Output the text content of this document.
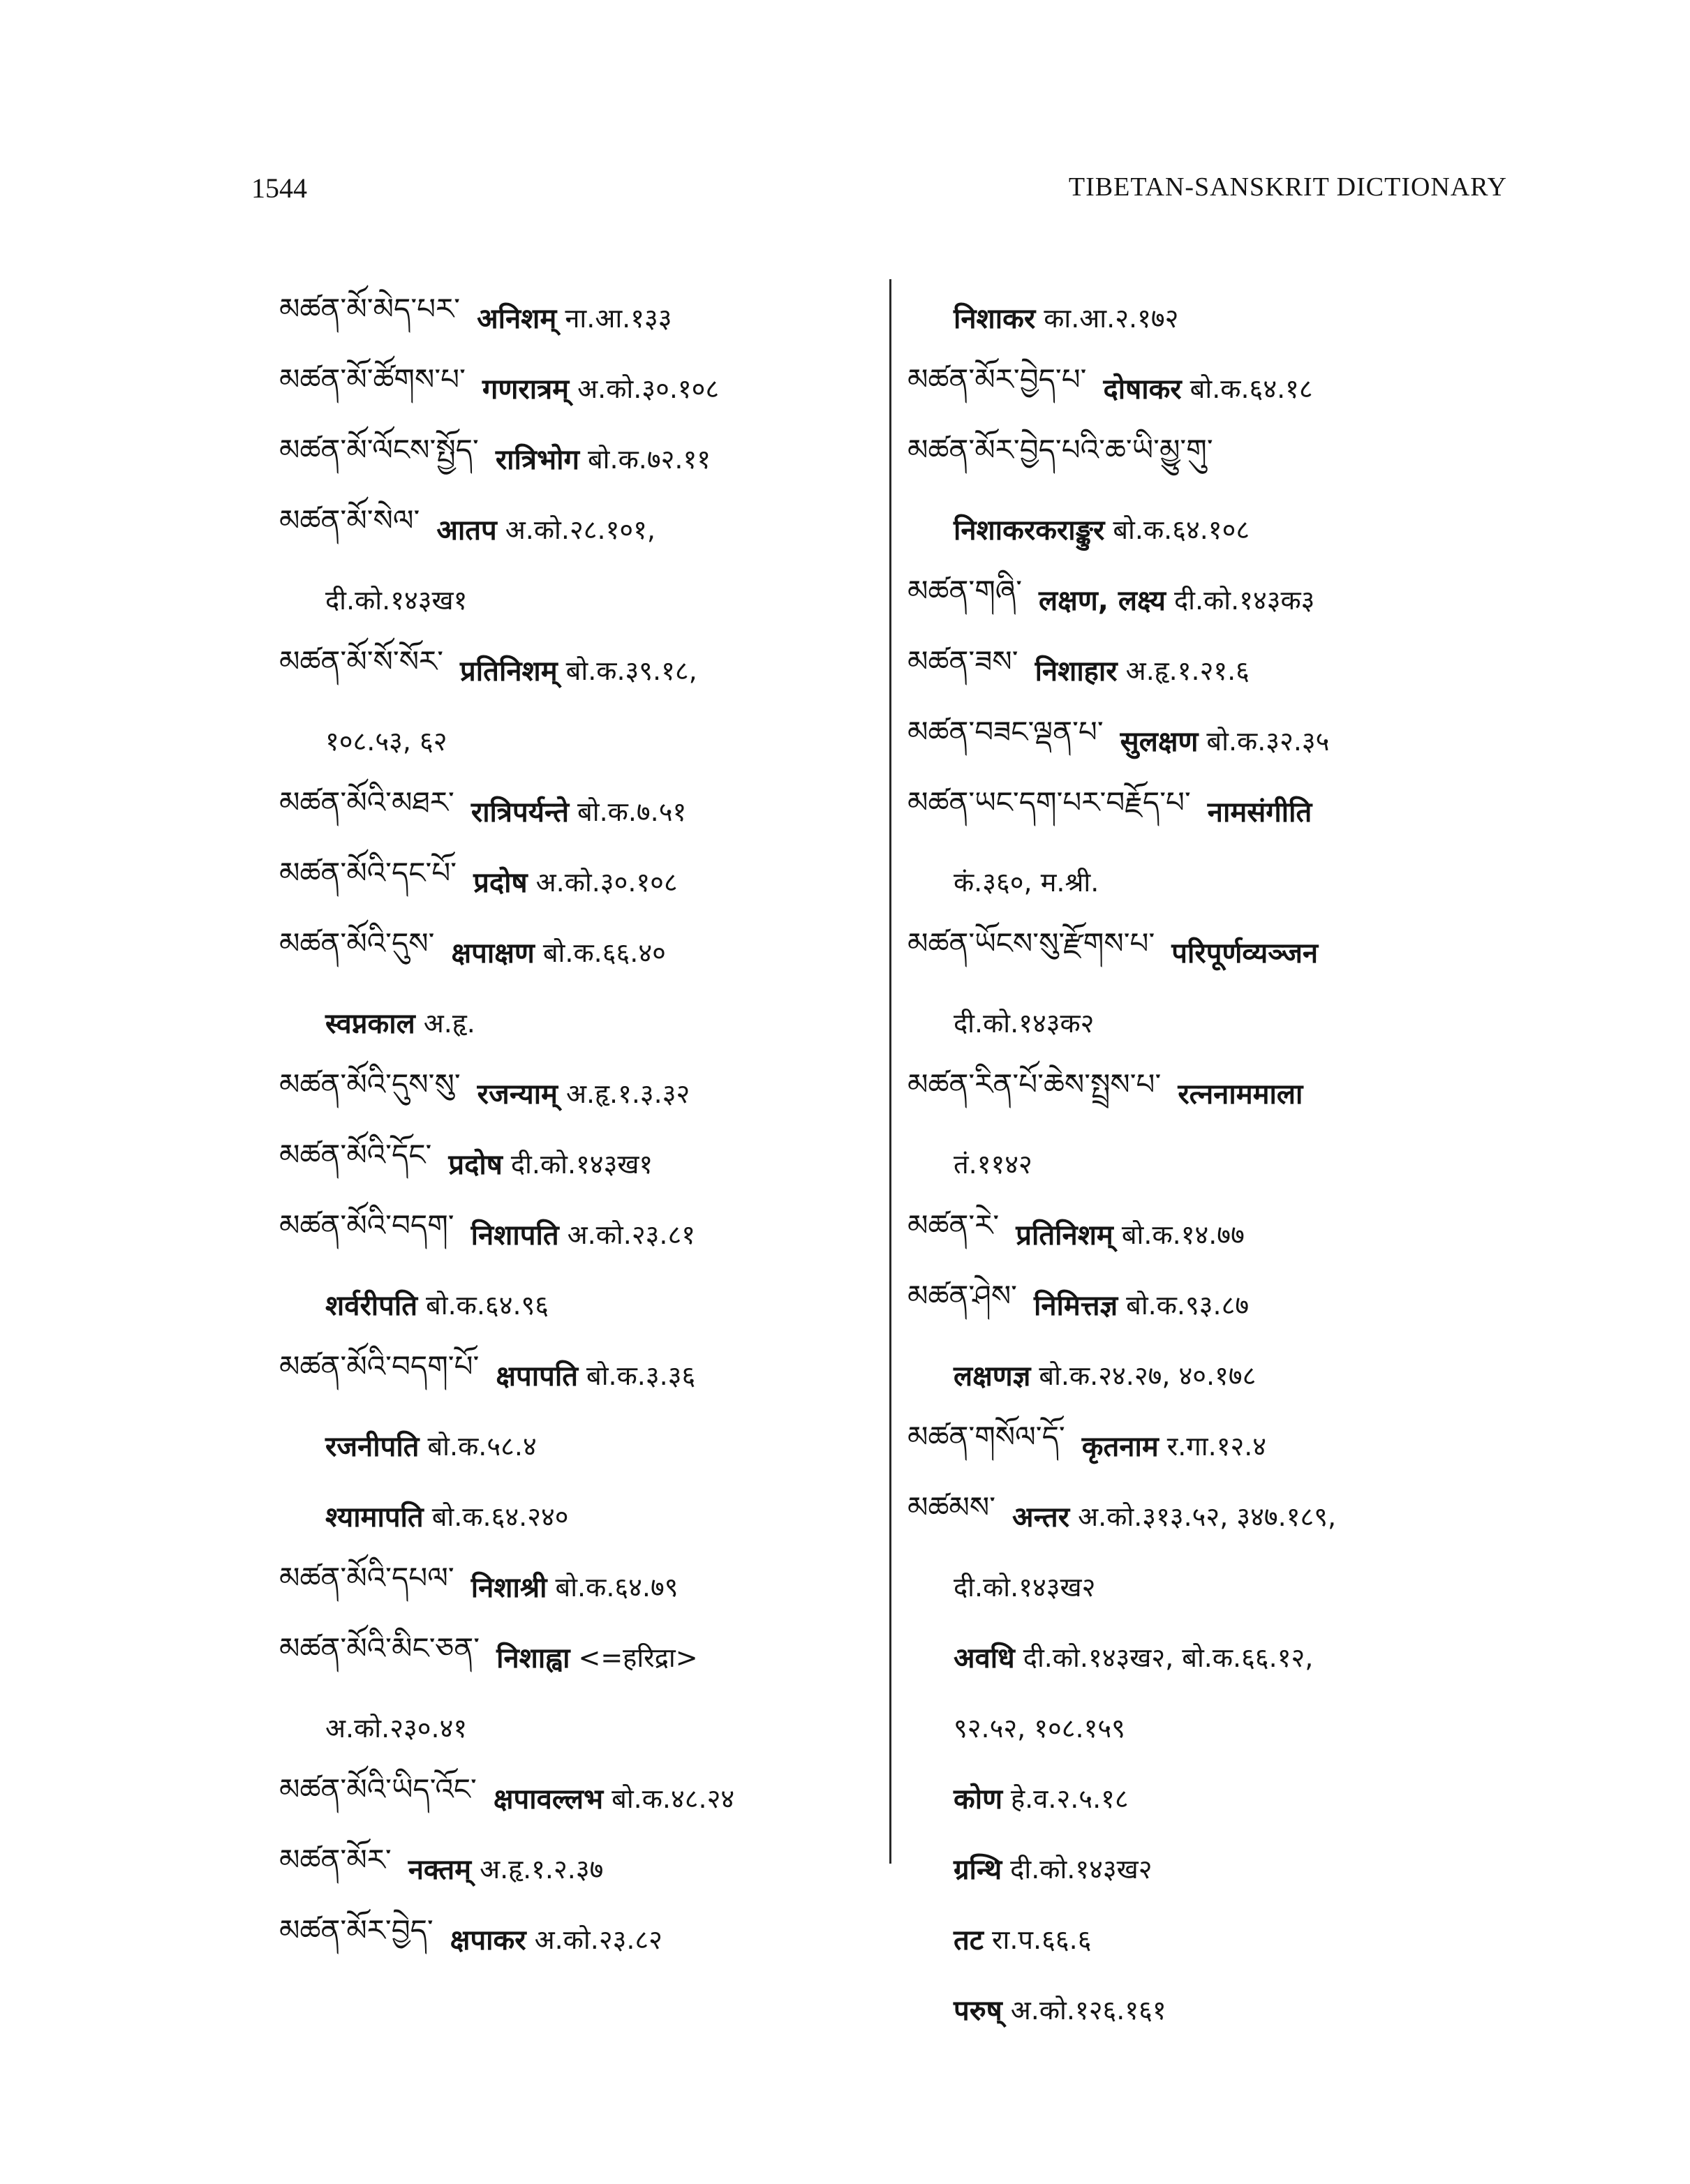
1544	TIBETAN-SANSKRIT DICTIONARY
མཚན་མོ་མེད་པར་ अनिशम् ना.आ.१३३
མཚན་མོ་ཚོགས་པ་ गणरात्रम् अ.को.३०.१०८
མཚན་མོ་ལོངས་སྤྱོད་ रात्रिभोग बो.क.७२.११
མཚན་མོ་སེལ་ आतप अ.को.२८.१०१,
दी.को.१४३ख१
མཚན་མོ་སོ་སོར་ प्रतिनिशम् बो.क.३९.१८,
१०८.५३, ६२
མཚན་མོའི་མཐར་ रात्रिपर्यन्ते बो.क.७.५१
མཚན་མོའི་དང་པོ་ प्रदोष अ.को.३०.१०८
མཚན་མོའི་དུས་ क्षपाक्षण बो.क.६६.४०
स्वप्नकाल अ.हृ.
མཚན་མོའི་དུས་སུ་ रजन्याम् अ.हृ.१.३.३२
མཚན་མོའི་དོང་ प्रदोष दी.को.१४३ख१
མཚན་མོའི་བདག་ निशापति अ.को.२३.८१
शर्वरीपति बो.क.६४.९६
མཚན་མོའི་བདག་པོ་ क्षपापति बो.क.३.३६
रजनीपति बो.क.५८.४
श्यामापति बो.क.६४.२४०
མཚན་མོའི་དཔལ་ निशाश्री बो.क.६४.७९
མཚན་མོའི་མིང་ཅན་ निशाह्वा <=हरिद्रा>
अ.को.२३०.४१
མཚན་མོའི་ཡིད་འོང་ क्षपावल्लभ बो.क.४८.२४
མཚན་མོར་ नक्तम् अ.हृ.१.२.३७
མཚན་མོར་བྱེད་ क्षपाकर अ.को.२३.८२
निशाकर का.आ.२.१७२
མཚན་མོར་བྱེད་པ་ दोषाकर बो.क.६४.१८
མཚན་མོར་བྱེད་པའི་ཆ་ཡི་མྱུ་གུ་
निशाकरकराङ्कुर बो.क.६४.१०८
མཚན་གཞི་ लक्षण, लक्ष्य दी.को.१४३क३
མཚན་ཟས་ निशाहार अ.हृ.१.२१.६
མཚན་བཟང་ལྡན་པ་ सुलक्षण बो.क.३२.३५
མཚན་ཡང་དག་པར་བརྗོད་པ་ नामसंगीति
कं.३६०, म.श्री.
མཚན་ཡོངས་སུ་རྫོགས་པ་ परिपूर्णव्यञ्जन
दी.को.१४३क२
མཚན་རིན་པོ་ཆེས་སྤྲས་པ་ रत्ननाममाला
तं.११४२
མཚན་རེ་ प्रतिनिशम् बो.क.१४.७७
མཚན་ཤེས་ निमित्तज्ञ बो.क.९३.८७
लक्षणज्ञ बो.क.२४.२७, ४०.१७८
མཚན་གསོལ་དོ་ कृतनाम र.गा.१२.४
མཚམས་ अन्तर अ.को.३१३.५२, ३४७.१८९,
दी.को.१४३ख२
अवधि दी.को.१४३ख२, बो.क.६६.१२,
९२.५२, १०८.१५९
कोण हे.व.२.५.१८
ग्रन्थि दी.को.१४३ख२
तट रा.प.६६.६
परुष् अ.को.१२६.१६१
